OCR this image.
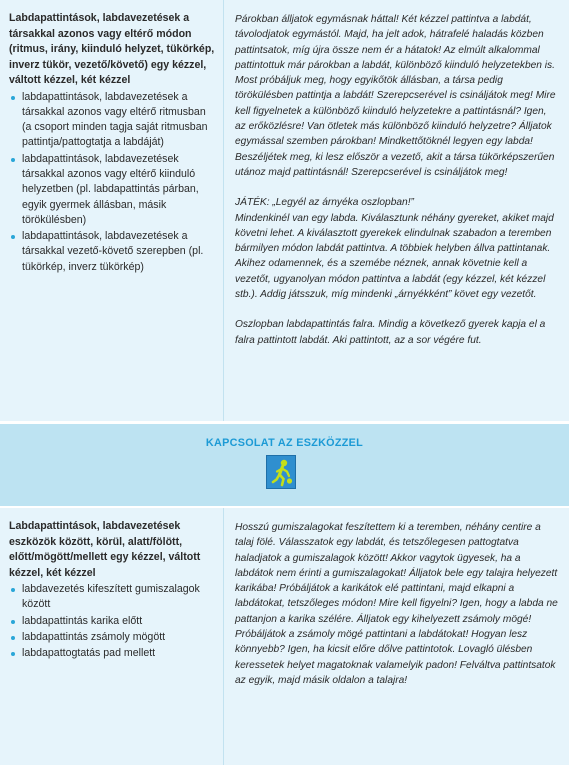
Labdapattintások, labdavezetések a társakkal azonos vagy eltérő módon (ritmus, irány, kiinduló helyzet, tükörkép, inverz tükör, vezető/követő) egy kézzel, váltott kézzel, két kézzel
labdapattintások, labdavezetések a társakkal azonos vagy eltérő ritmusban (a csoport minden tagja saját ritmusban pattintja/pattogtatja a labdáját)
labdapattintások, labdavezetések társakkal azonos vagy eltérő kiinduló helyzetben (pl. labdapattintás párban, egyik gyermek állásban, másik törökülésben)
labdapattintások, labdavezetések a társakkal vezető-követő szerepben (pl. tükörkép, inverz tükörkép)

Párokban álljatok egymásnak háttal! Két kézzel pattintva a labdát, távolodjatok egymástól. Majd, ha jelt adok, hátrafelé haladás közben pattintsatok, míg újra össze nem ér a hátatok! Az elmúlt alkalommal pattintottuk már párokban a labdát, különböző kiinduló helyzetekben is. Most próbáljuk meg, hogy egyikőtök állásban, a társa pedig törökülésben pattintja a labdát! Szerepcserével is csináljátok meg! Mire kell figyelnetek a különböző kiinduló helyzetekre a pattintásnál? Igen, az erőközlésre! Van ötletek más különböző kiinduló helyzetre? Álljatok egymással szemben párokban! Mindkettőtöknél legyen egy labda! Beszéljétek meg, ki lesz először a vezető, akit a társa tükörképszerűen utánoz majd pattintásnál! Szerepcserével is csináljátok meg!

JÁTÉK: „Legyél az árnyéka oszlopban!”

Mindenkinél van egy labda. Kiválasztunk néhány gyereket, akiket majd követni lehet. A kiválasztott gyerekek elindulnak szabadon a teremben bármilyen módon labdát pattintva. A többiek helyben állva pattintanak. Akihez odamennek, és a szemébe néznek, annak követnie kell a vezetőt, ugyanolyan módon pattintva a labdát (egy kézzel, két kézzel stb.). Addig játsszuk, míg mindenki „árnyékként” követ egy vezetőt.

Oszlopban labdapattintás falra. Mindig a következő gyerek kapja el a falra pattintott labdát. Aki pattintott, az a sor végére fut.

KAPCSOLAT AZ ESZKÖZZEL
Labdapattintások, labdavezetések eszközök között, körül, alatt/fölött, előtt/mögött/mellett egy kézzel, váltott kézzel, két kézzel
labdavezetés kifeszített gumiszalagok között
labdapattintás karika előtt
labdapattintás zsámoly mögött
labdapattogtatás pad mellett

Hosszú gumiszalagokat feszítettem ki a teremben, néhány centire a talaj fölé. Válasszatok egy labdát, és tetszőlegesen pattogtatva haladjatok a gumiszalagok között! Akkor vagytok ügyesek, ha a labdátok nem érinti a gumiszalagokat! Álljatok bele egy talajra helyezett karikába! Próbáljátok a karikátok elé pattintani, majd elkapni a labdátokat, tetszőleges módon! Mire kell figyelni? Igen, hogy a labda ne pattanjon a karika szélére. Álljatok egy kihelyezett zsámoly mögé! Próbáljátok a zsámoly mögé pattintani a labdátokat! Hogyan lesz könnyebb? Igen, ha kicsit előre dőlve pattintotok. Lovagló ülésben keressetek helyet magatoknak valamelyik padon! Felváltva pattintsatok az egyik, majd másik oldalon a talajra!
